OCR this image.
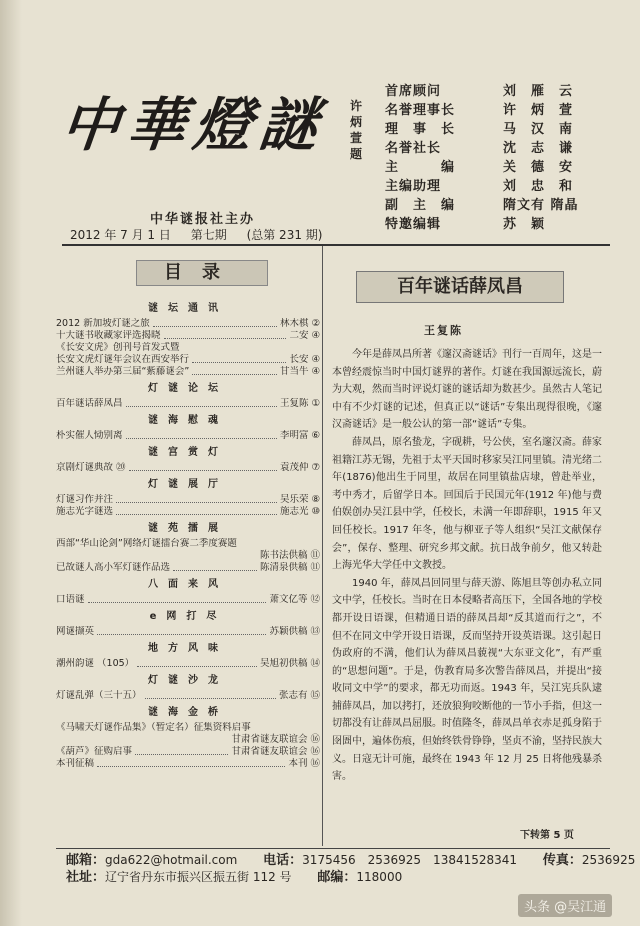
中華燈謎 许炳萱题
中华谜报社主办
2012 年 7 月 1 日 第七期 (总第 231 期)
首席顾问	刘　雁　云
名誉理事长	许　炳　萱
理　事　长	马　汉　南
名誉社长	沈　志　谦
主　　　编	关　德　安
主编助理	刘　忠　和
副　主　编	隋文有 隋晶
特邀编辑	苏　颖
目录
谜坛通讯
2012 新加坡灯谜之旅	林木棋 ②
十大谜书收藏家评选揭晓	二安 ④
《长安文虎》创刊号首发式暨
长安文虎灯谜年会议在西安举行	长安 ④
兰州谜人举办第三届“紫藤谜会”	甘当牛 ④
灯谜论坛
百年谜话薛凤昌	王复陈 ①
谜海慰魂
朴实催人恸别离	李明富 ⑥
谜宫赏灯
京剧灯谜典故 ⑳	袁茂仲 ⑦
灯谜展厅
灯谜习作并注	吴乐荣 ⑧
施志光字谜选	施志光 ⑩
谜苑擂展
西部“华山论剑”网络灯谜擂台赛二季度赛题
陈书法供稿 ⑪
已故谜人高小军灯谜作品选	陈清泉供稿 ⑪
八面来风
口语谜	萧文亿等 ⑫
e网打尽
网谜撷英	苏颖供稿 ⑬
地方风味
潮州韵谜 （105）	吴旭初供稿 ⑭
灯谜沙龙
灯谜乱弹（三十五）	张志有 ⑮
谜海金桥
《马啸天灯谜作品集》（暂定名）征集资料启事
甘肃省谜友联谊会 ⑯
《葫芦》征购启事	甘肃省谜友联谊会 ⑯
本刊征稿	本刊 ⑯
百年谜话薛凤昌
王复陈

今年是薛凤昌所著《邃汉斋谜话》刊行一百周年，这是一本曾经震惊当时中国灯谜界的著作。灯谜在我国源远流长，蔚为大观，然而当时评说灯谜的谜话却为数甚少。虽然古人笔记中有不少灯谜的记述，但真正以“谜话”专集出现得很晚，《邃汉斋谜话》是一般公认的第一部“谜话”专集。

薛凤昌，原名蛰龙，字砚耕，号公侠，室名邃汉斋。薛家祖籍江苏无锡，先祖于太平天国时移家吴江同里镇。清光绪二年(1876)他出生于同里，故居在同里镇盐店埭，曾赴举业，考中秀才，后留学日本。回国后于民国元年(1912 年)他与费伯娱创办吴江县中学，任校长，未满一年即辞职，1915 年又回任校长。1917 年冬，他与柳亚子等人组织“吴江文献保存会”，保存、整理、研究乡邦文献。抗日战争前夕，他又转赴上海光华大学任中文教授。

1940 年，薛凤昌回同里与薛天游、陈旭旦等创办私立同文中学，任校长。当时在日本侵略者高压下，全国各地的学校都开设日语课，但精通日语的薛凤昌却“反其道而行之”，不但不在同文中学开设日语课，反而坚持开设英语课。这引起日伪政府的不满，他们认为薛凤昌藐视“大东亚文化”，有严重的“思想问题”。于是，伪教育局多次警告薛凤昌，并提出“接收同文中学”的要求，都无功而返。1943 年，吴江宪兵队逮捕薛凤昌，加以拷打，还放狼狗咬断他的一节小手指，但这一切都没有让薛凤昌屈服。时值隆冬，薛凤昌单衣赤足孤身陷于囹圄中，遍体伤痕，但始终铁骨铮铮，坚贞不渝，坚持民族大义。日寇无计可施，最终在 1943 年 12 月 25 日将他残暴杀害。

下转第 5 页
邮箱：gda622@hotmail.com 电话：3175456　2536925　13841528341 传真：2536925
社址：辽宁省丹东市振兴区振五街 112 号 邮编：118000
头条 @吴江通
